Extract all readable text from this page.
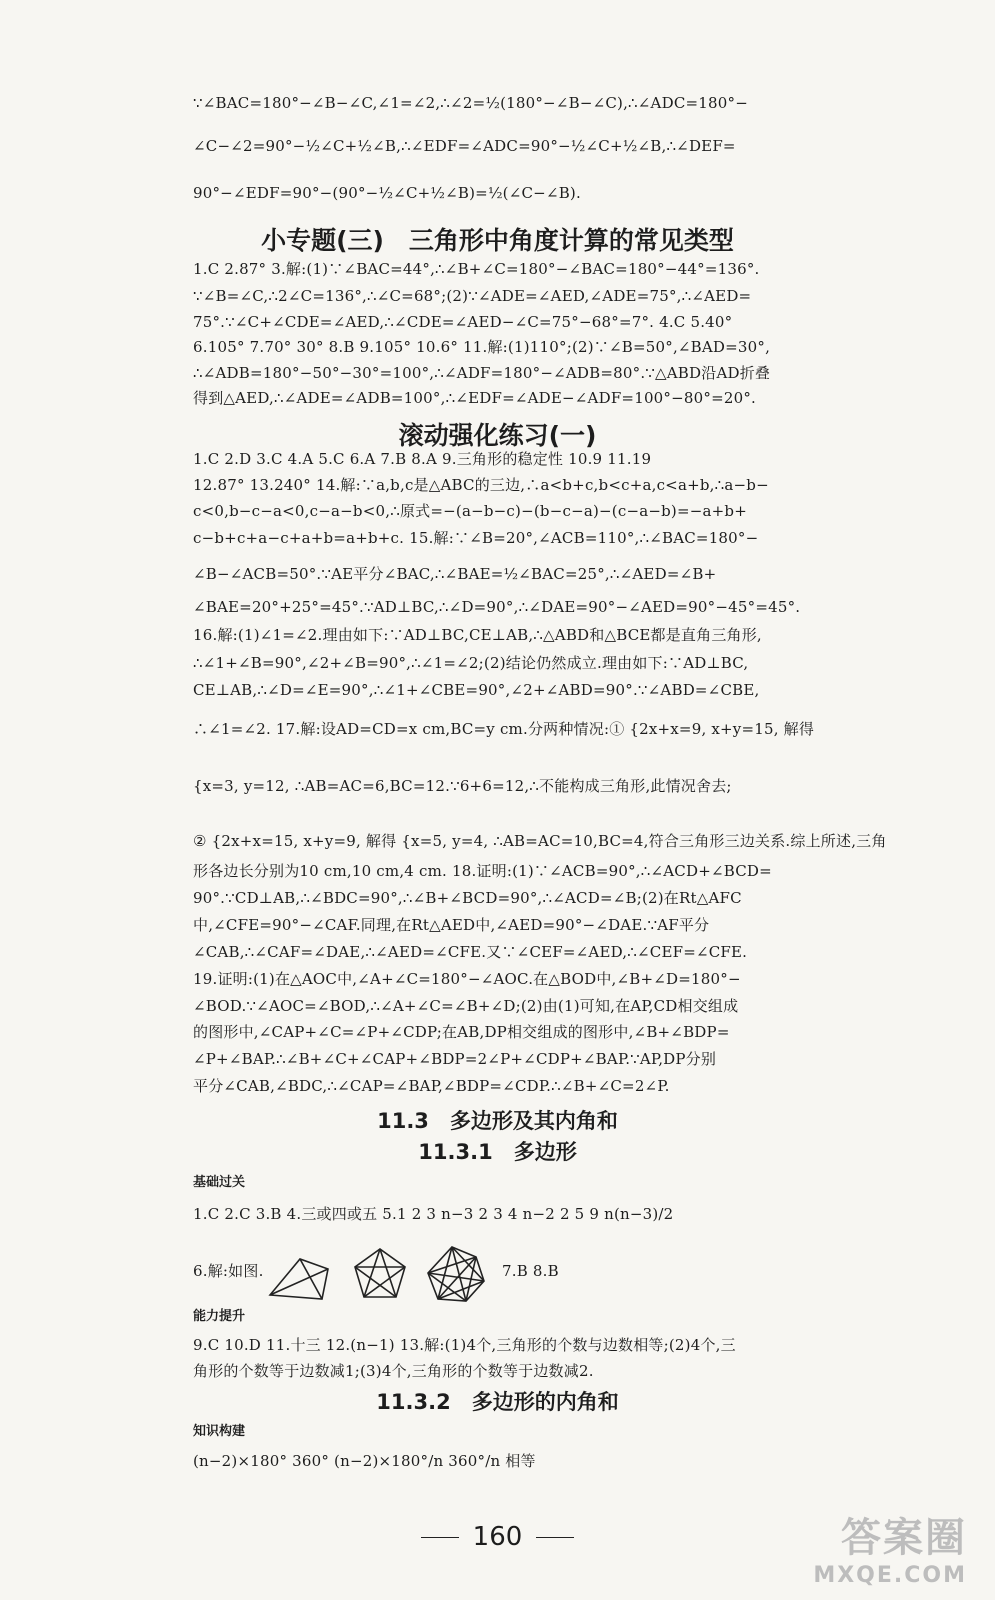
∵∠BAC=180°−∠B−∠C,∠1=∠2,∴∠2=½(180°−∠B−∠C),∴∠ADC=180°−
∠C−∠2=90°−½∠C+½∠B,∴∠EDF=∠ADC=90°−½∠C+½∠B,∴∠DEF=
90°−∠EDF=90°−(90°−½∠C+½∠B)=½(∠C−∠B).
小专题(三)　三角形中角度计算的常见类型
1.C 2.87° 3.解:(1)∵∠BAC=44°,∴∠B+∠C=180°−∠BAC=180°−44°=136°.
∵∠B=∠C,∴2∠C=136°,∴∠C=68°;(2)∵∠ADE=∠AED,∠ADE=75°,∴∠AED=
75°.∵∠C+∠CDE=∠AED,∴∠CDE=∠AED−∠C=75°−68°=7°. 4.C 5.40°
6.105° 7.70° 30° 8.B 9.105° 10.6° 11.解:(1)110°;(2)∵∠B=50°,∠BAD=30°,
∴∠ADB=180°−50°−30°=100°,∴∠ADF=180°−∠ADB=80°.∵△ABD沿AD折叠
得到△AED,∴∠ADE=∠ADB=100°,∴∠EDF=∠ADE−∠ADF=100°−80°=20°.
滚动强化练习(一)
1.C 2.D 3.C 4.A 5.C 6.A 7.B 8.A 9.三角形的稳定性 10.9 11.19
12.87° 13.240° 14.解:∵a,b,c是△ABC的三边,∴a<b+c,b<c+a,c<a+b,∴a−b−
c<0,b−c−a<0,c−a−b<0,∴原式=−(a−b−c)−(b−c−a)−(c−a−b)=−a+b+
c−b+c+a−c+a+b=a+b+c. 15.解:∵∠B=20°,∠ACB=110°,∴∠BAC=180°−
∠B−∠ACB=50°.∵AE平分∠BAC,∴∠BAE=½∠BAC=25°,∴∠AED=∠B+
∠BAE=20°+25°=45°.∵AD⊥BC,∴∠D=90°,∴∠DAE=90°−∠AED=90°−45°=45°.
16.解:(1)∠1=∠2.理由如下:∵AD⊥BC,CE⊥AB,∴△ABD和△BCE都是直角三角形,
∴∠1+∠B=90°,∠2+∠B=90°,∴∠1=∠2;(2)结论仍然成立.理由如下:∵AD⊥BC,
CE⊥AB,∴∠D=∠E=90°,∴∠1+∠CBE=90°,∠2+∠ABD=90°.∵∠ABD=∠CBE,
∴∠1=∠2. 17.解:设AD=CD=x cm,BC=y cm.分两种情况:① {2x+x=9, x+y=15, 解得
{x=3, y=12, ∴AB=AC=6,BC=12.∵6+6=12,∴不能构成三角形,此情况舍去;
② {2x+x=15, x+y=9, 解得 {x=5, y=4, ∴AB=AC=10,BC=4,符合三角形三边关系.综上所述,三角
形各边长分别为10 cm,10 cm,4 cm. 18.证明:(1)∵∠ACB=90°,∴∠ACD+∠BCD=
90°.∵CD⊥AB,∴∠BDC=90°,∴∠B+∠BCD=90°,∴∠ACD=∠B;(2)在Rt△AFC
中,∠CFE=90°−∠CAF.同理,在Rt△AED中,∠AED=90°−∠DAE.∵AF平分
∠CAB,∴∠CAF=∠DAE,∴∠AED=∠CFE.又∵∠CEF=∠AED,∴∠CEF=∠CFE.
19.证明:(1)在△AOC中,∠A+∠C=180°−∠AOC.在△BOD中,∠B+∠D=180°−
∠BOD.∵∠AOC=∠BOD,∴∠A+∠C=∠B+∠D;(2)由(1)可知,在AP,CD相交组成
的图形中,∠CAP+∠C=∠P+∠CDP;在AB,DP相交组成的图形中,∠B+∠BDP=
∠P+∠BAP.∴∠B+∠C+∠CAP+∠BDP=2∠P+∠CDP+∠BAP.∵AP,DP分别
平分∠CAB,∠BDC,∴∠CAP=∠BAP,∠BDP=∠CDP.∴∠B+∠C=2∠P.
11.3　多边形及其内角和
11.3.1　多边形
基础过关
1.C 2.C 3.B 4.三或四或五 5.1 2 3 n−3 2 3 4 n−2 2 5 9 n(n−3)/2
6.解:如图.	7.B 8.B
能力提升
9.C 10.D 11.十三 12.(n−1) 13.解:(1)4个,三角形的个数与边数相等;(2)4个,三
角形的个数等于边数减1;(3)4个,三角形的个数等于边数减2.
11.3.2　多边形的内角和
知识构建
(n−2)×180° 360° (n−2)×180°/n 360°/n 相等
160	答案圈
MXQE.COM
